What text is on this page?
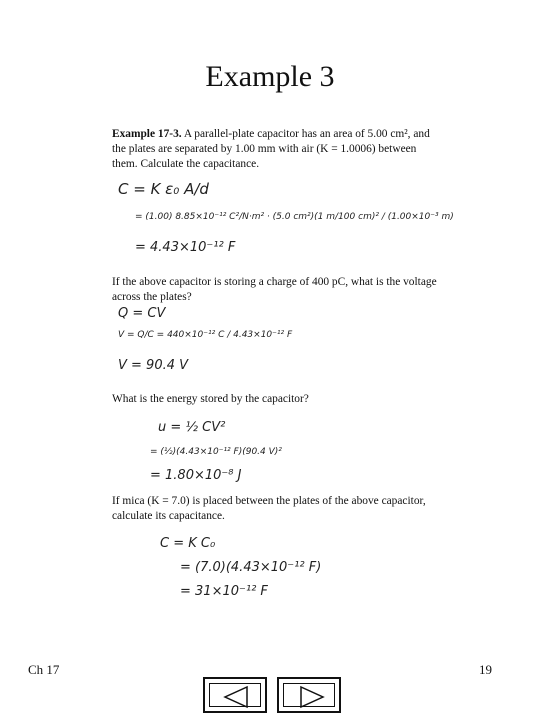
Example 3
Example 17-3. A parallel-plate capacitor has an area of 5.00 cm², and the plates are separated by 1.00 mm with air (K = 1.0006) between them. Calculate the capacitance.
C = K ε₀ A/d
= (1.00) 8.85×10⁻¹² C²/N·m² · (5.0 cm²)(1 m/100 cm)² / (1.00×10⁻³ m)
= 4.43×10⁻¹² F
If the above capacitor is storing a charge of 400 pC, what is the voltage across the plates?
Q = CV
V = Q/C = 440×10⁻¹² C / 4.43×10⁻¹² F
V = 90.4 V
What is the energy stored by the capacitor?
u = ½ CV²
= (½)(4.43×10⁻¹² F)(90.4 V)²
= 1.80×10⁻⁸ J
If mica (K = 7.0) is placed between the plates of the above capacitor, calculate its capacitance.
C = K C₀
= (7.0)(4.43×10⁻¹² F)
= 31×10⁻¹² F
Ch 17	19
